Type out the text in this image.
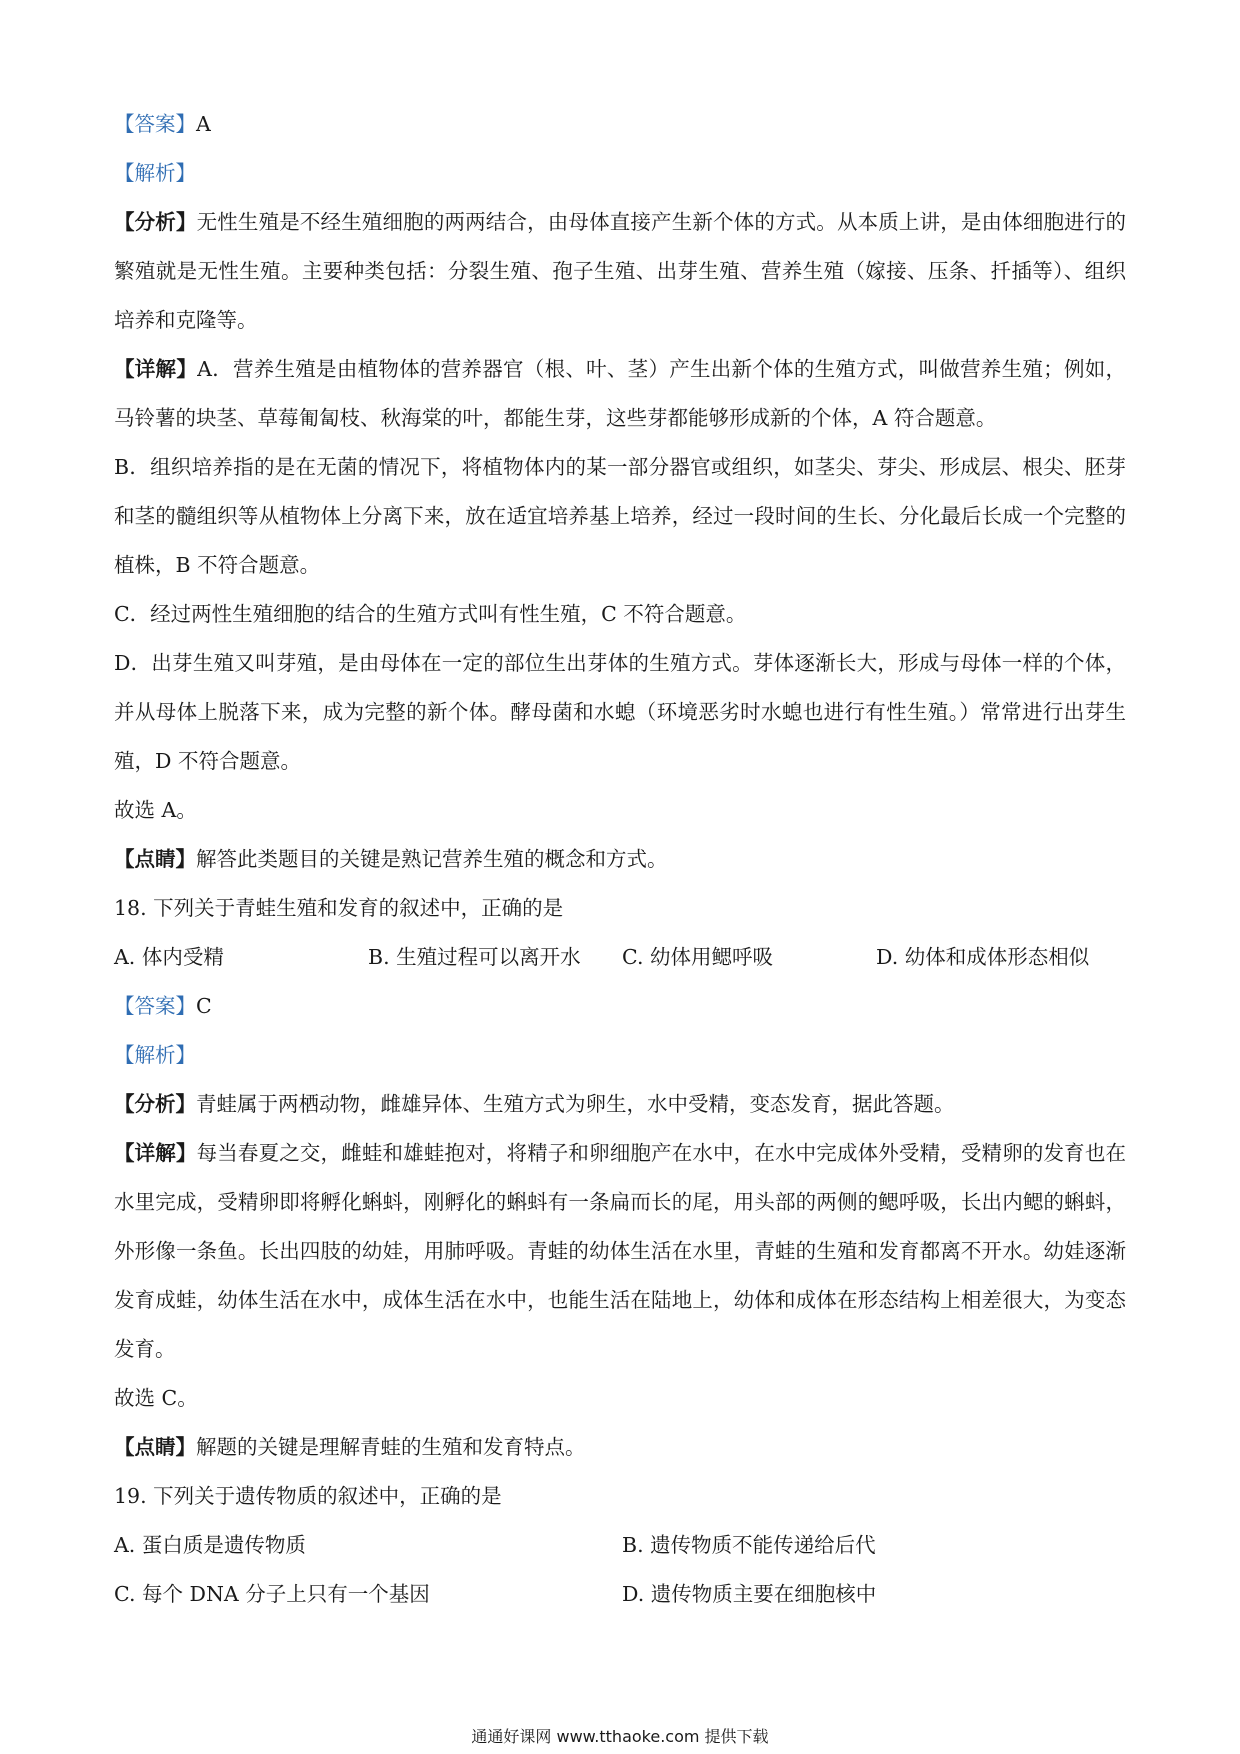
【答案】A

【解析】

【分析】无性生殖是不经生殖细胞的两两结合，由母体直接产生新个体的方式。从本质上讲，是由体细胞进行的繁殖就是无性生殖。主要种类包括：分裂生殖、孢子生殖、出芽生殖、营养生殖（嫁接、压条、扦插等）、组织培养和克隆等。

【详解】A．营养生殖是由植物体的营养器官（根、叶、茎）产生出新个体的生殖方式，叫做营养生殖；例如，马铃薯的块茎、草莓匍匐枝、秋海棠的叶，都能生芽，这些芽都能够形成新的个体，A 符合题意。

B．组织培养指的是在无菌的情况下，将植物体内的某一部分器官或组织，如茎尖、芽尖、形成层、根尖、胚芽和茎的髓组织等从植物体上分离下来，放在适宜培养基上培养，经过一段时间的生长、分化最后长成一个完整的植株，B 不符合题意。

C．经过两性生殖细胞的结合的生殖方式叫有性生殖，C 不符合题意。

D．出芽生殖又叫芽殖，是由母体在一定的部位生出芽体的生殖方式。芽体逐渐长大，形成与母体一样的个体，并从母体上脱落下来，成为完整的新个体。酵母菌和水螅（环境恶劣时水螅也进行有性生殖。）常常进行出芽生殖，D 不符合题意。

故选 A。

【点睛】解答此类题目的关键是熟记营养生殖的概念和方式。

18. 下列关于青蛙生殖和发育的叙述中，正确的是

A. 体内受精	B. 生殖过程可以离开水	C. 幼体用鳃呼吸	D. 幼体和成体形态相似

【答案】C

【解析】

【分析】青蛙属于两栖动物，雌雄异体、生殖方式为卵生，水中受精，变态发育，据此答题。

【详解】每当春夏之交，雌蛙和雄蛙抱对，将精子和卵细胞产在水中，在水中完成体外受精，受精卵的发育也在水里完成，受精卵即将孵化蝌蚪，刚孵化的蝌蚪有一条扁而长的尾，用头部的两侧的鳃呼吸，长出内鳃的蝌蚪，外形像一条鱼。长出四肢的幼娃，用肺呼吸。青蛙的幼体生活在水里，青蛙的生殖和发育都离不开水。幼娃逐渐发育成蛙，幼体生活在水中，成体生活在水中，也能生活在陆地上，幼体和成体在形态结构上相差很大，为变态发育。

故选 C。

【点睛】解题的关键是理解青蛙的生殖和发育特点。

19. 下列关于遗传物质的叙述中，正确的是

A. 蛋白质是遗传物质	B. 遗传物质不能传递给后代
C. 每个 DNA 分子上只有一个基因	D. 遗传物质主要在细胞核中
通通好课网 www.tthaoke.com 提供下载
